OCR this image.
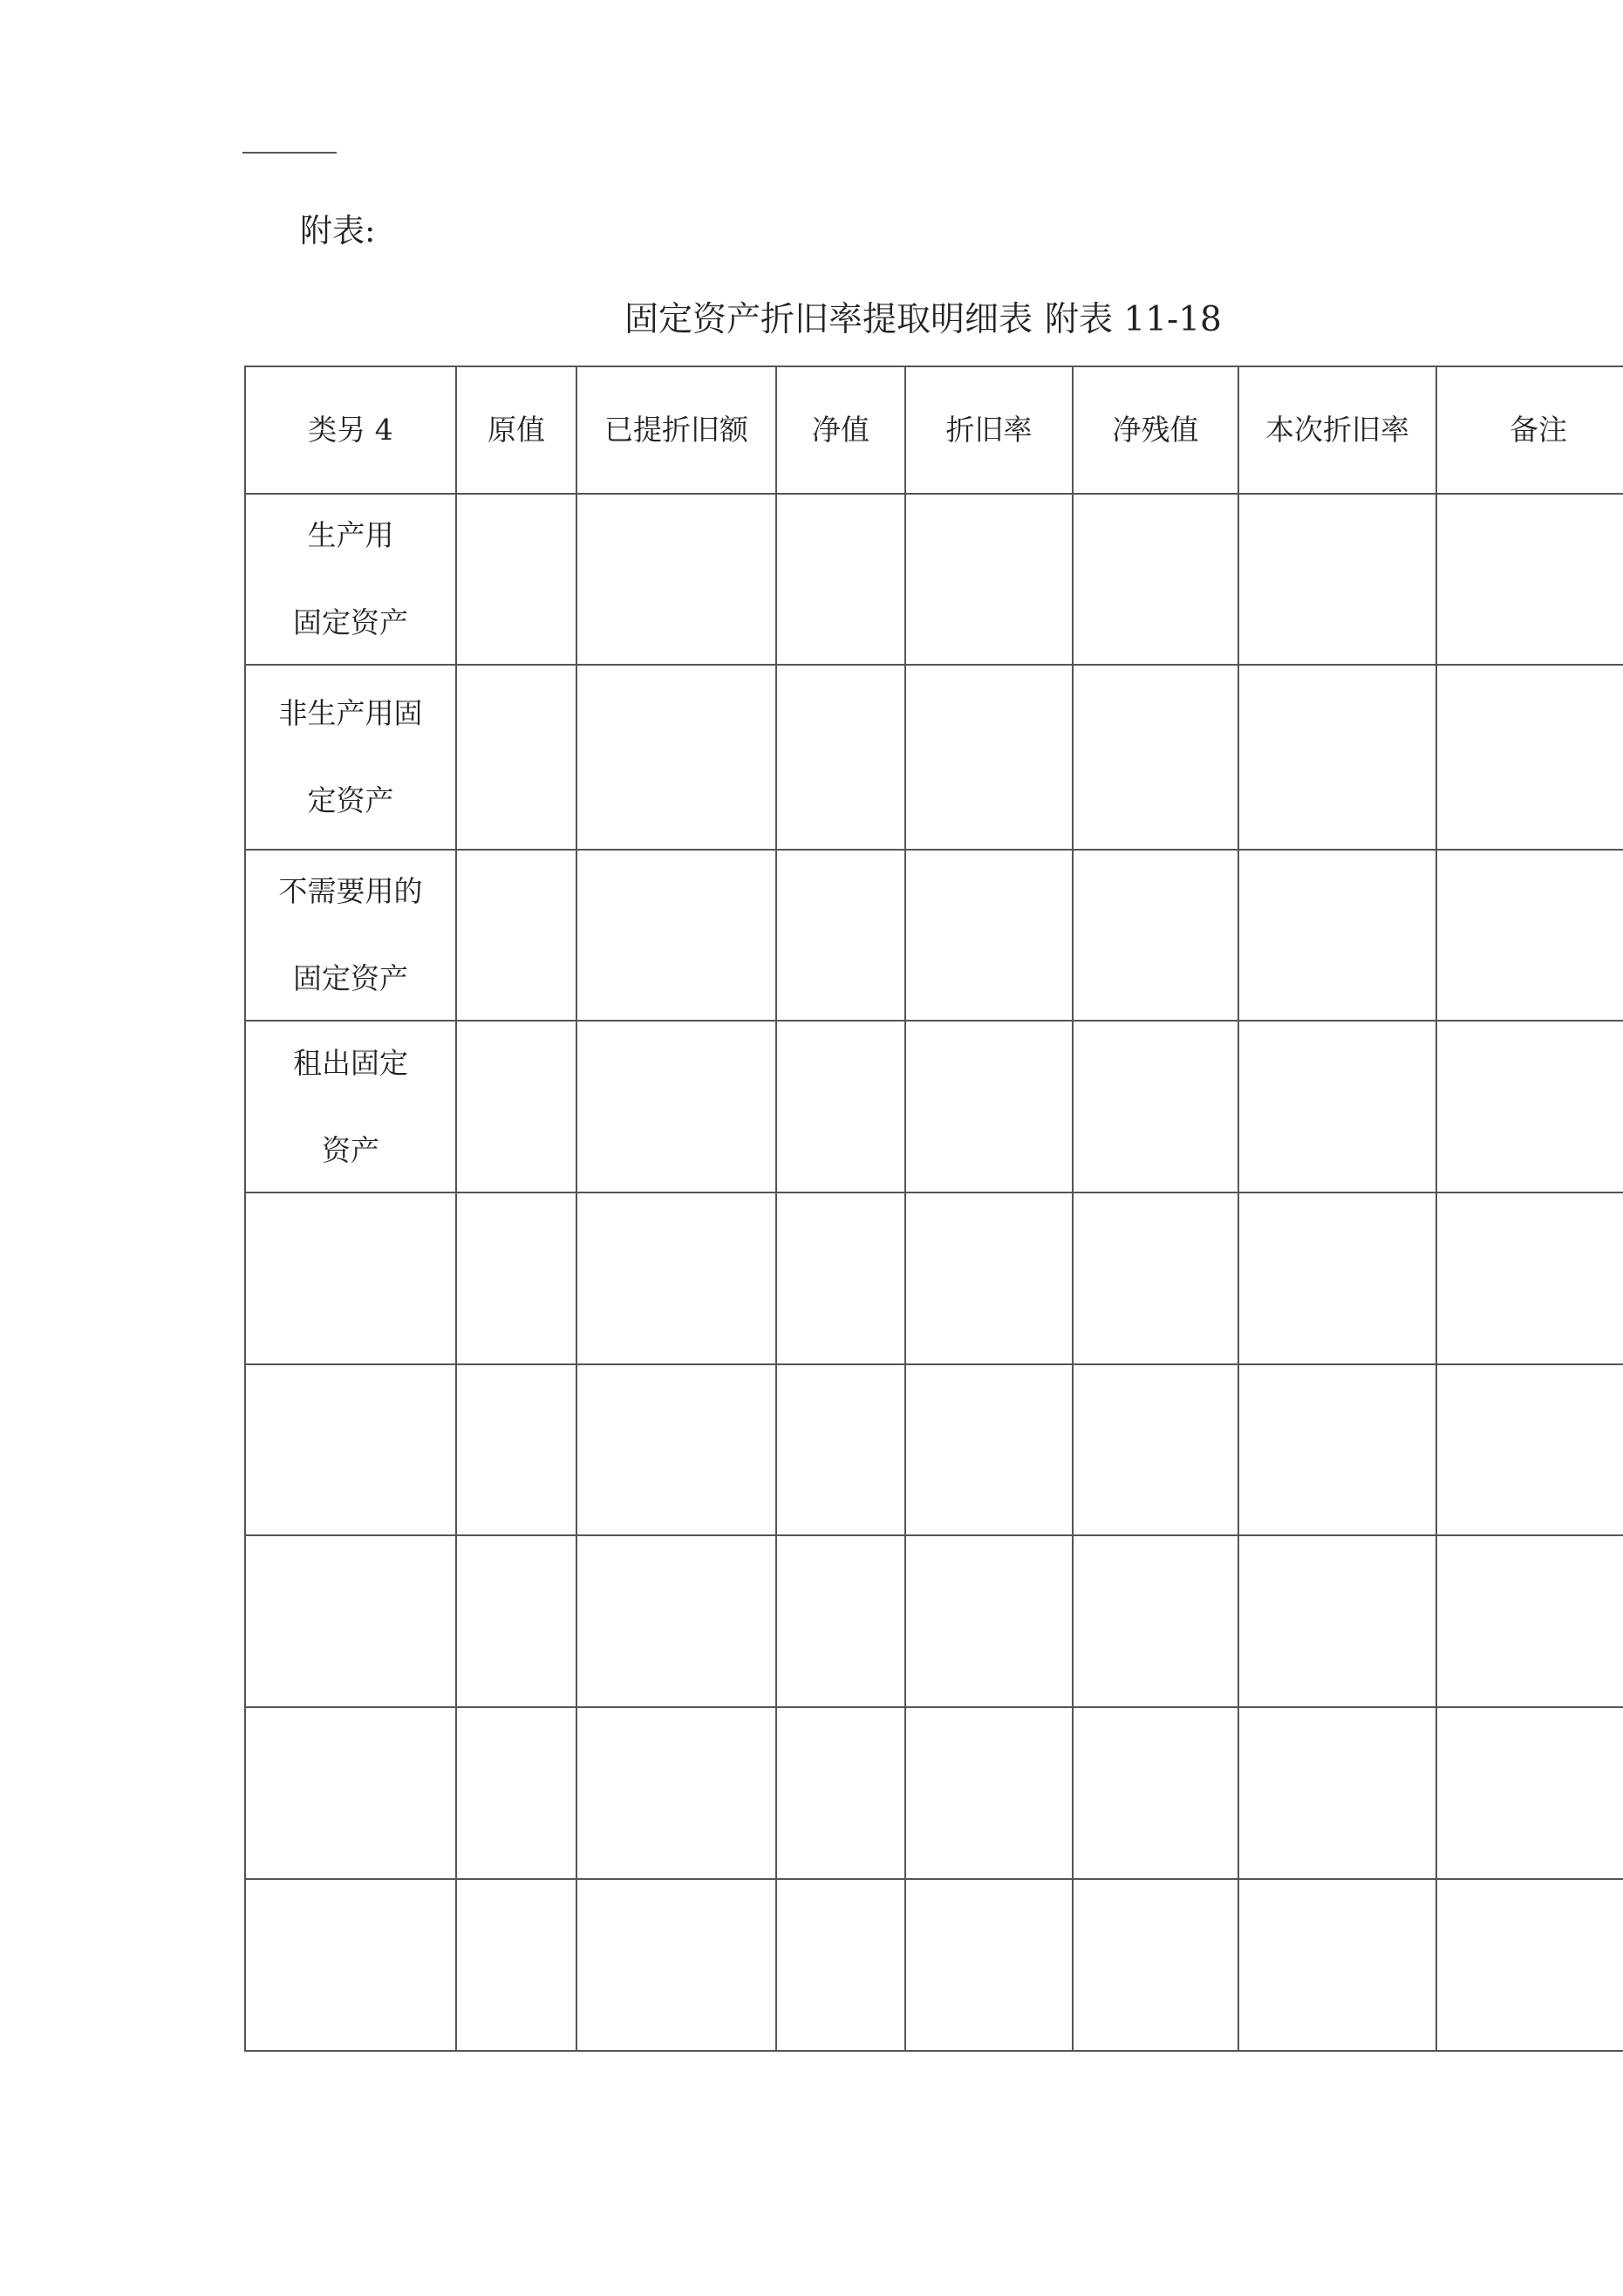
附表:
固定资产折旧率提取明细表 附表 11-18
类另 4	原值	已提折旧额	净值	折旧率	净残值	本次折旧率	备注

生产用
固定资产							

非生产用固
定资产							

不需要用的
固定资产							

租出固定
资产							
